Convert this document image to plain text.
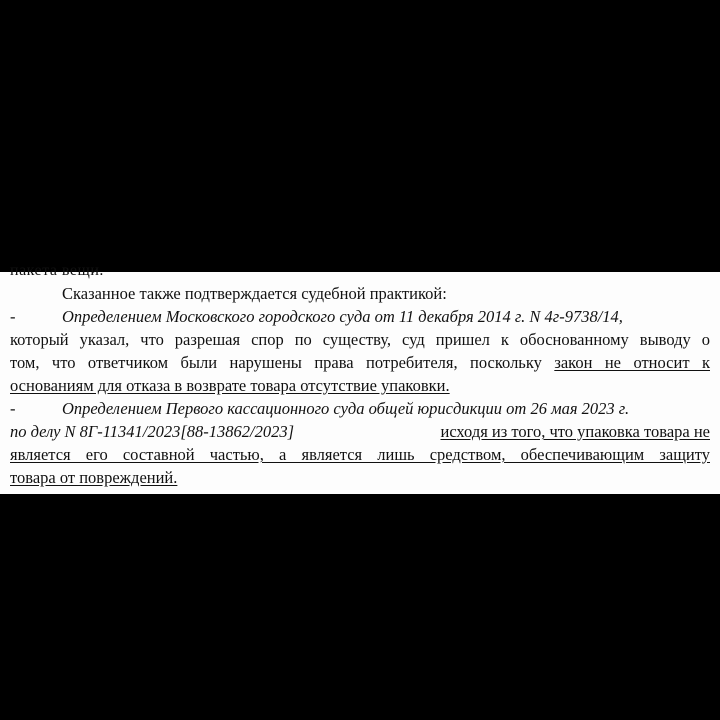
пакета вещи.
Сказанное также подтверждается судебной практикой:
-	Определением Московского городского суда от 11 декабря 2014 г. N 4г-9738/14,
который указал, что разрешая спор по существу, суд пришел к обоснованному выводу о
том, что ответчиком были нарушены права потребителя, поскольку закон не относит к
основаниям для отказа в возврате товара отсутствие упаковки.
-	Определением Первого кассационного суда общей юрисдикции от 26 мая 2023 г.
по делу N 8Г-11341/2023[88-13862/2023]	исходя из того, что упаковка товара не
является его составной частью, а является лишь средством, обеспечивающим защиту
товара от повреждений.
